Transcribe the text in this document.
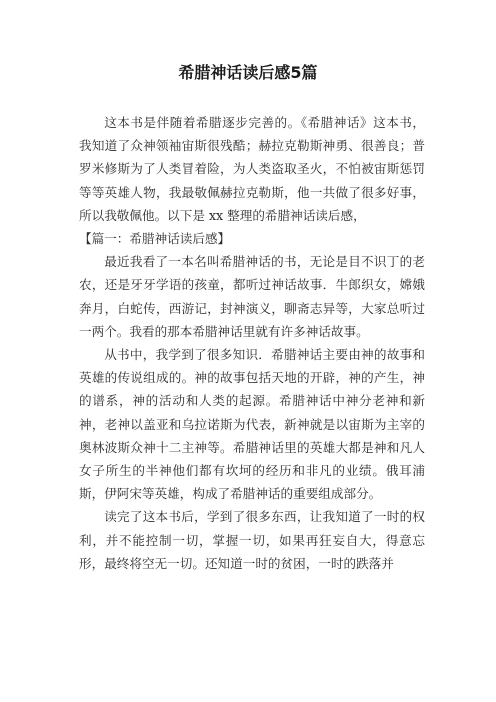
希腊神话读后感5篇

这本书是伴随着希腊逐步完善的。《希腊神话》这本书，我知道了众神领袖宙斯很残酷；赫拉克勒斯神勇、很善良；普罗米修斯为了人类冒着险，为人类盗取圣火，不怕被宙斯惩罚等等英雄人物，我最敬佩赫拉克勒斯，他一共做了很多好事，所以我敬佩他。以下是 xx 整理的希腊神话读后感，

【篇一：希腊神话读后感】

最近我看了一本名叫希腊神话的书，无论是目不识丁的老农，还是牙牙学语的孩童，都听过神话故事．牛郎织女，嫦娥奔月，白蛇传，西游记，封神演义，聊斋志异等，大家总听过一两个。我看的那本希腊神话里就有许多神话故事。

从书中，我学到了很多知识．希腊神话主要由神的故事和英雄的传说组成的。神的故事包括天地的开辟，神的产生，神的谱系，神的活动和人类的起源。希腊神话中神分老神和新神，老神以盖亚和乌拉诺斯为代表，新神就是以宙斯为主宰的奥林波斯众神十二主神等。希腊神话里的英雄大都是神和凡人女子所生的半神他们都有坎坷的经历和非凡的业绩。俄耳浦斯，伊阿宋等英雄，构成了希腊神话的重要组成部分。

读完了这本书后，学到了很多东西，让我知道了一时的权利，并不能控制一切，掌握一切，如果再狂妄自大，得意忘形，最终将空无一切。还知道一时的贫困，一时的跌落并
